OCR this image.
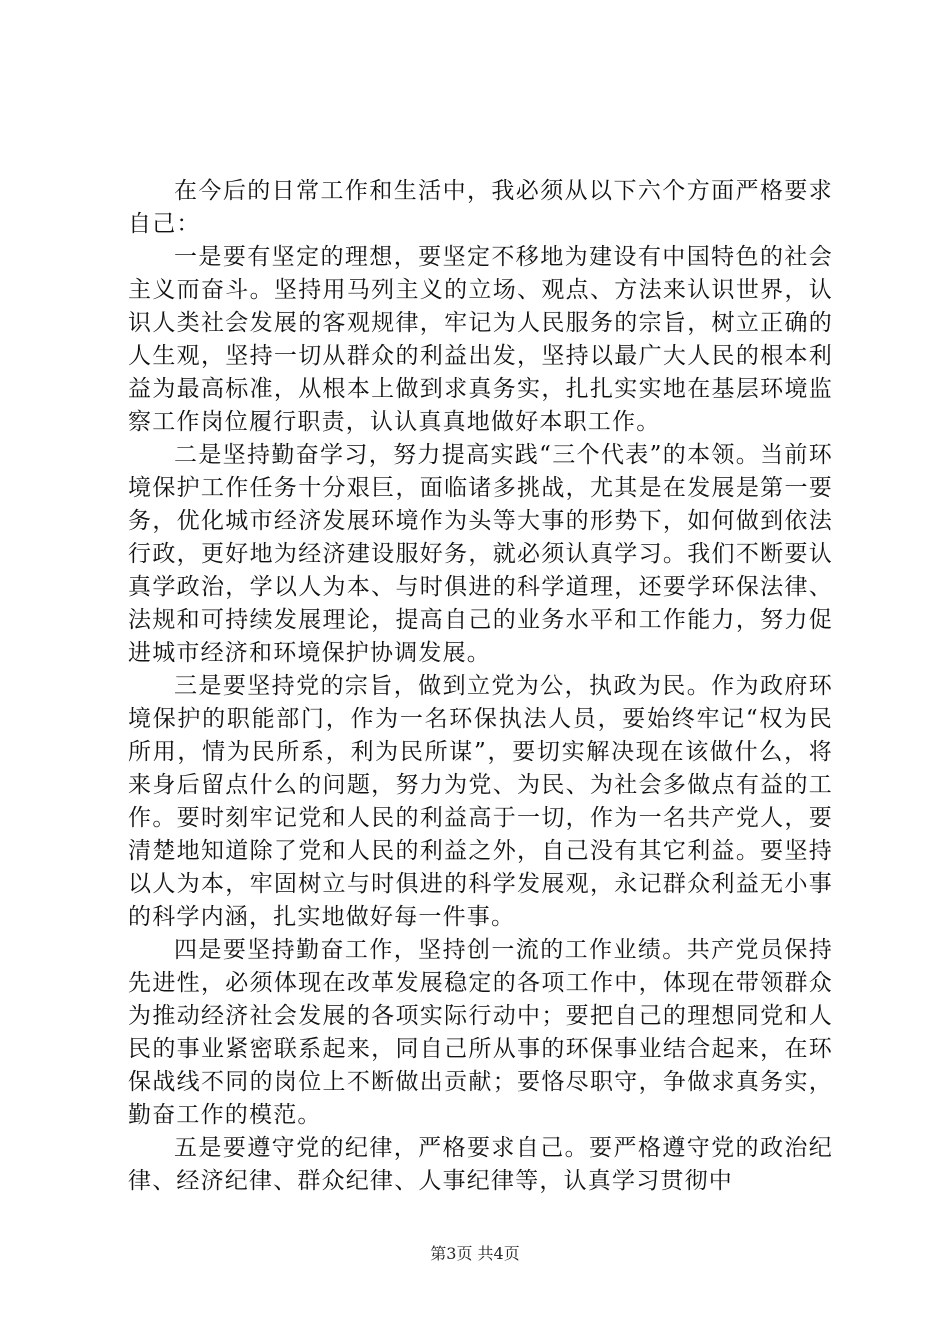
在今后的日常工作和生活中，我必须从以下六个方面严格要求自己：

一是要有坚定的理想，要坚定不移地为建设有中国特色的社会主义而奋斗。坚持用马列主义的立场、观点、方法来认识世界，认识人类社会发展的客观规律，牢记为人民服务的宗旨，树立正确的人生观，坚持一切从群众的利益出发，坚持以最广大人民的根本利益为最高标准，从根本上做到求真务实，扎扎实实地在基层环境监察工作岗位履行职责，认认真真地做好本职工作。

二是坚持勤奋学习，努力提高实践“三个代表”的本领。当前环境保护工作任务十分艰巨，面临诸多挑战，尤其是在发展是第一要务，优化城市经济发展环境作为头等大事的形势下，如何做到依法行政，更好地为经济建设服好务，就必须认真学习。我们不断要认真学政治，学以人为本、与时俱进的科学道理，还要学环保法律、法规和可持续发展理论，提高自己的业务水平和工作能力，努力促进城市经济和环境保护协调发展。

三是要坚持党的宗旨，做到立党为公，执政为民。作为政府环境保护的职能部门，作为一名环保执法人员，要始终牢记“权为民所用，情为民所系，利为民所谋”，要切实解决现在该做什么，将来身后留点什么的问题，努力为党、为民、为社会多做点有益的工作。要时刻牢记党和人民的利益高于一切，作为一名共产党人，要清楚地知道除了党和人民的利益之外，自己没有其它利益。要坚持以人为本，牢固树立与时俱进的科学发展观，永记群众利益无小事的科学内涵，扎实地做好每一件事。

四是要坚持勤奋工作，坚持创一流的工作业绩。共产党员保持先进性，必须体现在改革发展稳定的各项工作中，体现在带领群众为推动经济社会发展的各项实际行动中；要把自己的理想同党和人民的事业紧密联系起来，同自己所从事的环保事业结合起来，在环保战线不同的岗位上不断做出贡献；要恪尽职守，争做求真务实，勤奋工作的模范。

五是要遵守党的纪律，严格要求自己。要严格遵守党的政治纪律、经济纪律、群众纪律、人事纪律等，认真学习贯彻中

第3页 共4页
